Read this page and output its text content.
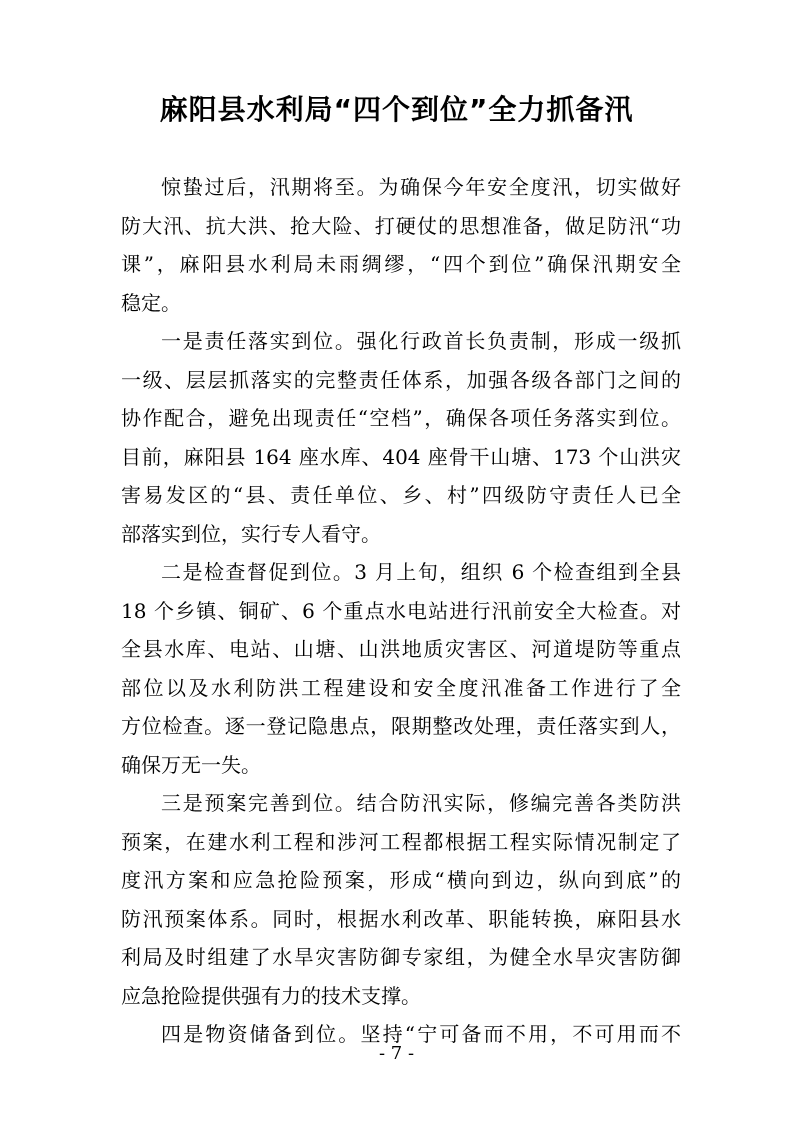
麻阳县水利局“四个到位”全力抓备汛
惊蛰过后，汛期将至。为确保今年安全度汛，切实做好
防大汛、抗大洪、抢大险、打硬仗的思想准备，做足防汛“功
课”，麻阳县水利局未雨绸缪，“四个到位”确保汛期安全
稳定。
一是责任落实到位。强化行政首长负责制，形成一级抓
一级、层层抓落实的完整责任体系，加强各级各部门之间的
协作配合，避免出现责任“空档”，确保各项任务落实到位。
目前，麻阳县 164 座水库、404 座骨干山塘、173 个山洪灾
害易发区的“县、责任单位、乡、村”四级防守责任人已全
部落实到位，实行专人看守。
二是检查督促到位。3 月上旬，组织 6 个检查组到全县
18 个乡镇、铜矿、6 个重点水电站进行汛前安全大检查。对
全县水库、电站、山塘、山洪地质灾害区、河道堤防等重点
部位以及水利防洪工程建设和安全度汛准备工作进行了全
方位检查。逐一登记隐患点，限期整改处理，责任落实到人，
确保万无一失。
三是预案完善到位。结合防汛实际，修编完善各类防洪
预案，在建水利工程和涉河工程都根据工程实际情况制定了
度汛方案和应急抢险预案，形成“横向到边，纵向到底”的
防汛预案体系。同时，根据水利改革、职能转换，麻阳县水
利局及时组建了水旱灾害防御专家组，为健全水旱灾害防御
应急抢险提供强有力的技术支撑。
四是物资储备到位。坚持“宁可备而不用，不可用而不
- 7 -
